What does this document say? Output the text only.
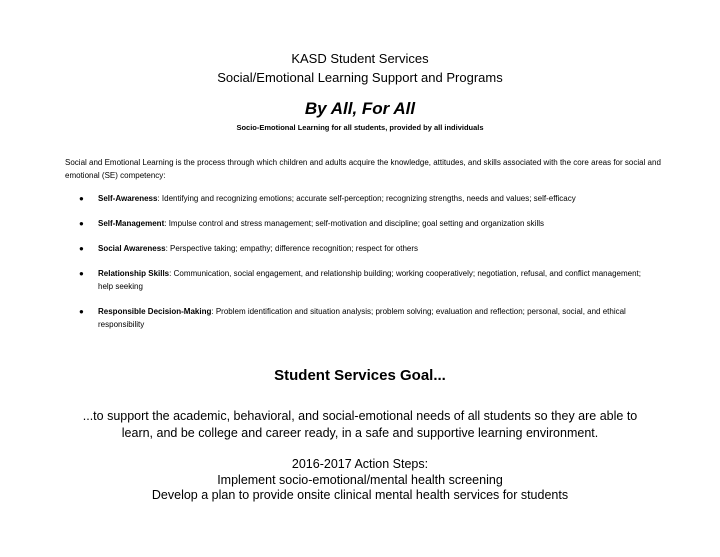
KASD Student Services
Social/Emotional Learning Support and Programs
By All, For All
Socio-Emotional Learning for all students, provided by all individuals
Social and Emotional Learning is the process through which children and adults acquire the knowledge, attitudes, and skills associated with the core areas for social and emotional (SE) competency:
● Self-Awareness: Identifying and recognizing emotions; accurate self-perception; recognizing strengths, needs and values; self-efficacy
● Self-Management: Impulse control and stress management; self-motivation and discipline; goal setting and organization skills
● Social Awareness: Perspective taking; empathy; difference recognition; respect for others
● Relationship Skills: Communication, social engagement, and relationship building; working cooperatively; negotiation, refusal, and conflict management; help seeking
● Responsible Decision-Making: Problem identification and situation analysis; problem solving; evaluation and reflection; personal, social, and ethical responsibility
Student Services Goal...
...to support the academic, behavioral, and social-emotional needs of all students so they are able to learn, and be college and career ready, in a safe and supportive learning environment.
2016-2017 Action Steps:
Implement socio-emotional/mental health screening
Develop a plan to provide onsite clinical mental health services for students
